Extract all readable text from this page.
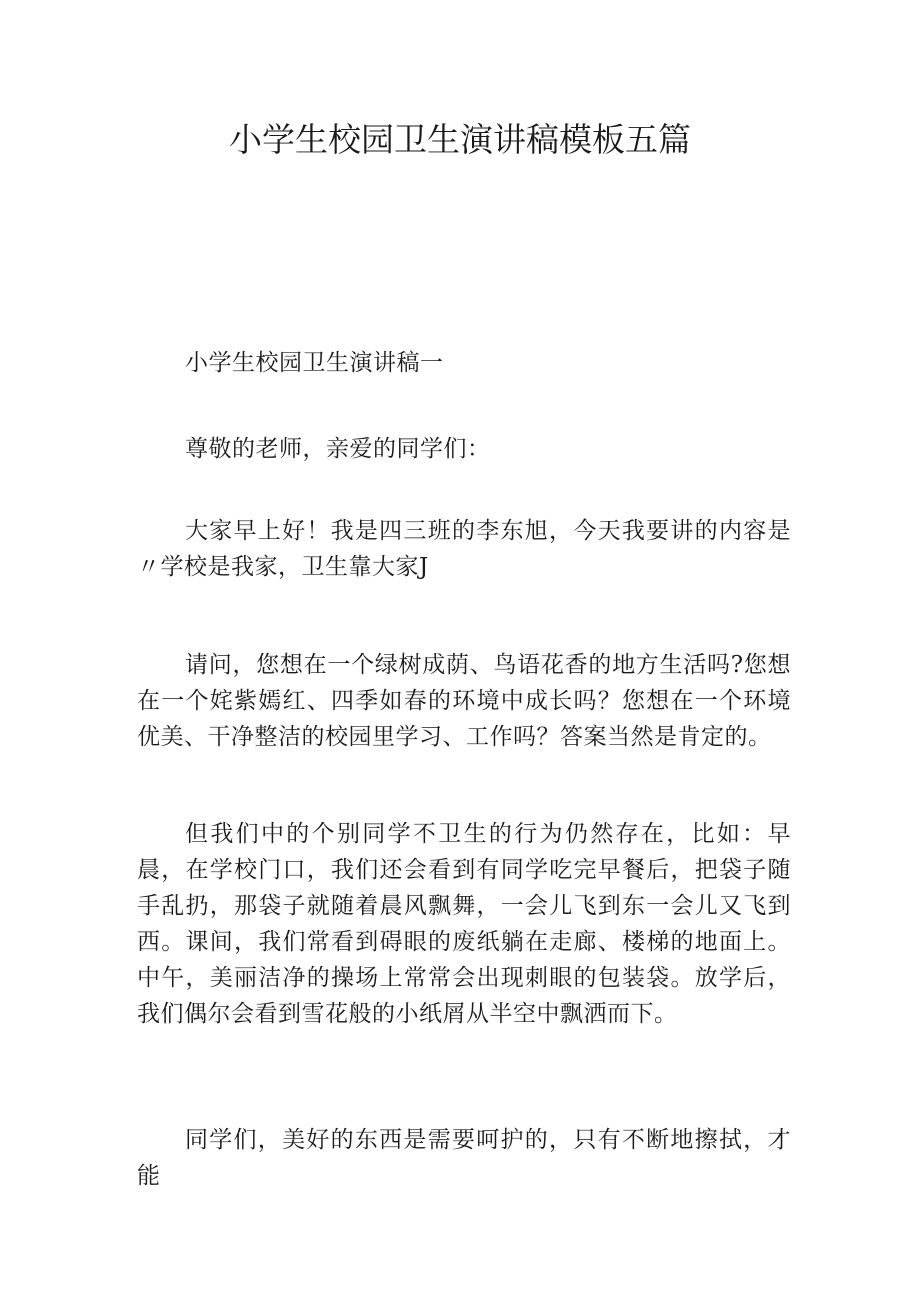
小学生校园卫生演讲稿模板五篇

小学生校园卫生演讲稿一

尊敬的老师，亲爱的同学们：

大家早上好！我是四三班的李东旭，今天我要讲的内容是〃学校是我家，卫生靠大家J

请问，您想在一个绿树成荫、鸟语花香的地方生活吗?您想在一个姹紫嫣红、四季如春的环境中成长吗？您想在一个环境优美、干净整洁的校园里学习、工作吗？答案当然是肯定的。

但我们中的个别同学不卫生的行为仍然存在，比如：早晨，在学校门口，我们还会看到有同学吃完早餐后，把袋子随手乱扔，那袋子就随着晨风飘舞，一会儿飞到东一会儿又飞到西。课间，我们常看到碍眼的废纸躺在走廊、楼梯的地面上。中午，美丽洁净的操场上常常会出现刺眼的包装袋。放学后，我们偶尔会看到雪花般的小纸屑从半空中飘洒而下。

同学们，美好的东西是需要呵护的，只有不断地擦拭，才能
